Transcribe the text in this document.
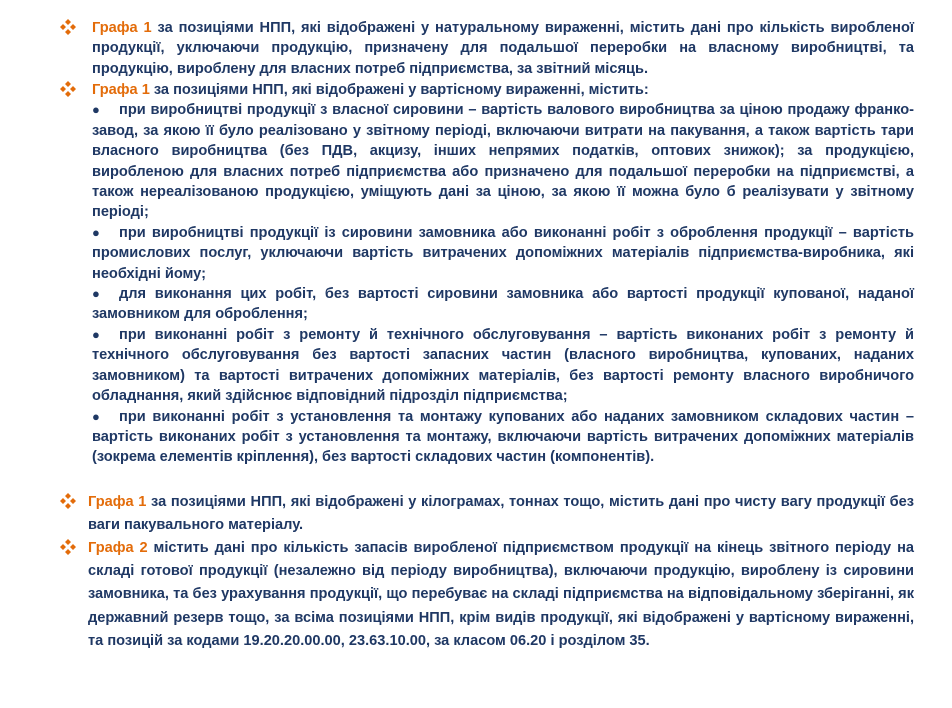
Графа 1 за позиціями НПП, які відображені у натуральному вираженні, містить дані про кількість виробленої продукції, уключаючи продукцію, призначену для подальшої переробки на власному виробництві, та продукцію, вироблену для власних потреб підприємства, за звітний місяць.
Графа 1 за позиціями НПП, які відображені у вартісному вираженні, містить:
● при виробництві продукції з власної сировини – вартість валового виробництва за ціною продажу франко-завод, за якою її було реалізовано у звітному періоді, включаючи витрати на пакування, а також вартість тари власного виробництва (без ПДВ, акцизу, інших непрямих податків, оптових знижок); за продукцією, виробленою для власних потреб підприємства або призначено для подальшої переробки на підприємстві, а також нереалізованою продукцією, уміщують дані за ціною, за якою її можна було б реалізувати у звітному періоді;
● при виробництві продукції із сировини замовника або виконанні робіт з оброблення продукції – вартість промислових послуг, уключаючи вартість витрачених допоміжних матеріалів підприємства-виробника, які необхідні йому;
● для виконання цих робіт, без вартості сировини замовника або вартості продукції купованої, наданої замовником для оброблення;
● при виконанні робіт з ремонту й технічного обслуговування – вартість виконаних робіт з ремонту й технічного обслуговування без вартості запасних частин (власного виробництва, купованих, наданих замовником) та вартості витрачених допоміжних матеріалів, без вартості ремонту власного виробничого обладнання, який здійснює відповідний підрозділ підприємства;
● при виконанні робіт з установлення та монтажу купованих або наданих замовником складових частин – вартість виконаних робіт з установлення та монтажу, включаючи вартість витрачених допоміжних матеріалів (зокрема елементів кріплення), без вартості складових частин (компонентів).
Графа 1 за позиціями НПП, які відображені у кілограмах, тоннах тощо, містить дані про чисту вагу продукції без ваги пакувального матеріалу.
Графа 2 містить дані про кількість запасів виробленої підприємством продукції на кінець звітного періоду на складі готової продукції (незалежно від періоду виробництва), включаючи продукцію, вироблену із сировини замовника, та без урахування продукції, що перебуває на складі підприємства на відповідальному зберіганні, як державний резерв тощо, за всіма позиціями НПП, крім видів продукції, які відображені у вартісному вираженні, та позицій за кодами 19.20.20.00.00, 23.63.10.00, за класом 06.20 і розділом 35.
